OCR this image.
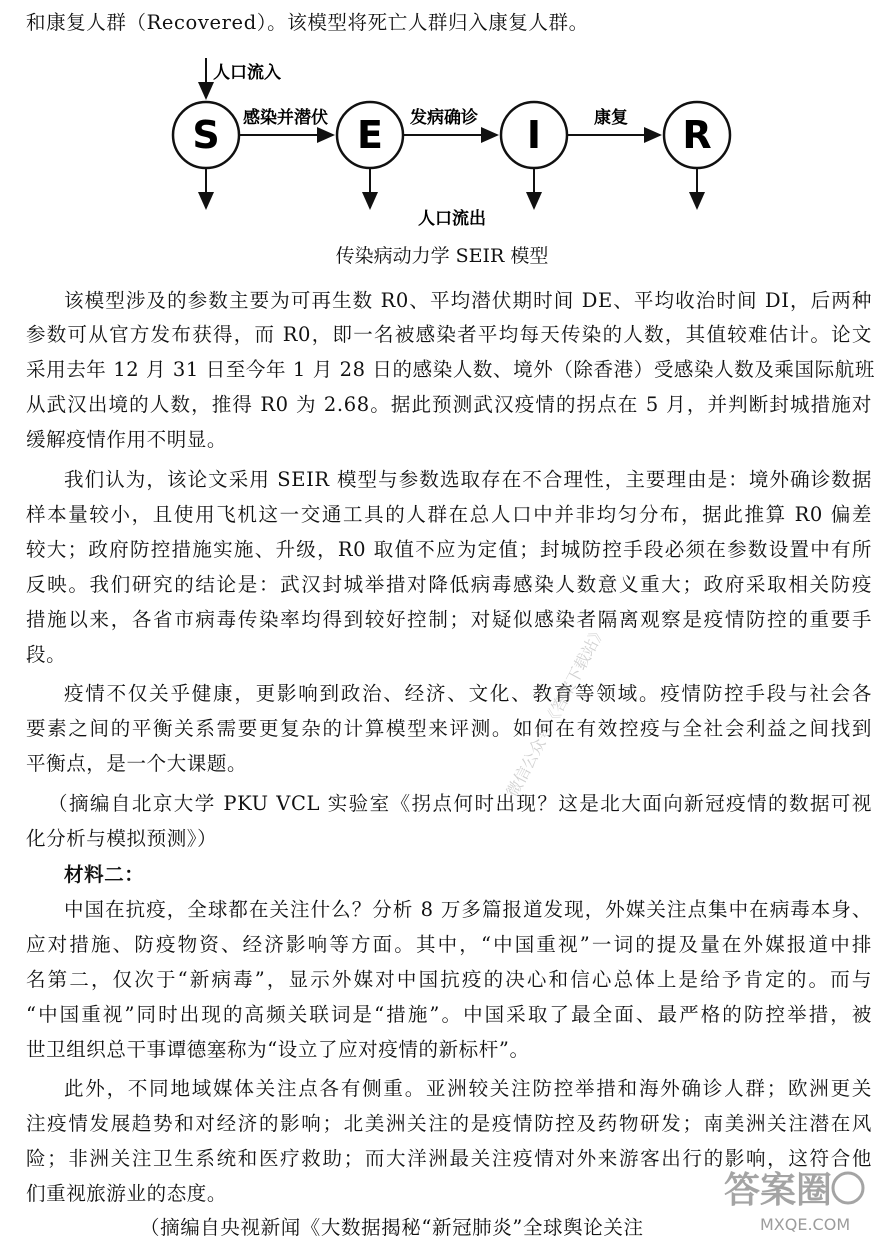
和康复人群（Recovered）。该模型将死亡人群归入康复人群。
人口流入
S	E	I	R
感染并潜伏	发病确诊	康复
人口流出
传染病动力学 SEIR 模型
该模型涉及的参数主要为可再生数 R0、平均潜伏期时间 DE、平均收治时间 DI，后两种
参数可从官方发布获得，而 R0，即一名被感染者平均每天传染的人数，其值较难估计。论文
采用去年 12 月 31 日至今年 1 月 28 日的感染人数、境外（除香港）受感染人数及乘国际航班
从武汉出境的人数，推得 R0 为 2.68。据此预测武汉疫情的拐点在 5 月，并判断封城措施对
缓解疫情作用不明显。
我们认为，该论文采用 SEIR 模型与参数选取存在不合理性，主要理由是：境外确诊数据
样本量较小，且使用飞机这一交通工具的人群在总人口中并非均匀分布，据此推算 R0 偏差
较大；政府防控措施实施、升级，R0 取值不应为定值；封城防控手段必须在参数设置中有所
反映。我们研究的结论是：武汉封城举措对降低病毒感染人数意义重大；政府采取相关防疫
措施以来，各省市病毒传染率均得到较好控制；对疑似感染者隔离观察是疫情防控的重要手
段。
疫情不仅关乎健康，更影响到政治、经济、文化、教育等领域。疫情防控手段与社会各
要素之间的平衡关系需要更复杂的计算模型来评测。如何在有效控疫与全社会利益之间找到
平衡点，是一个大课题。
（摘编自北京大学 PKU VCL 实验室《拐点何时出现？这是北大面向新冠疫情的数据可视
化分析与模拟预测》）
材料二：
中国在抗疫，全球都在关注什么？分析 8 万多篇报道发现，外媒关注点集中在病毒本身、
应对措施、防疫物资、经济影响等方面。其中，“中国重视”一词的提及量在外媒报道中排
名第二，仅次于“新病毒”，显示外媒对中国抗疫的决心和信心总体上是给予肯定的。而与
“中国重视”同时出现的高频关联词是“措施”。中国采取了最全面、最严格的防控举措，被
世卫组织总干事谭德塞称为“设立了应对疫情的新标杆”。
此外，不同地域媒体关注点各有侧重。亚洲较关注防控举措和海外确诊人群；欧洲更关
注疫情发展趋势和对经济的影响；北美洲关注的是疫情防控及药物研发；南美洲关注潜在风
险；非洲关注卫生系统和医疗救助；而大洋洲最关注疫情对外来游客出行的影响，这符合他
们重视旅游业的态度。
（摘编自央视新闻《大数据揭秘“新冠肺炎”全球舆论关注
微信公众号《答案下载站》
答案圈
MXQE.COM
